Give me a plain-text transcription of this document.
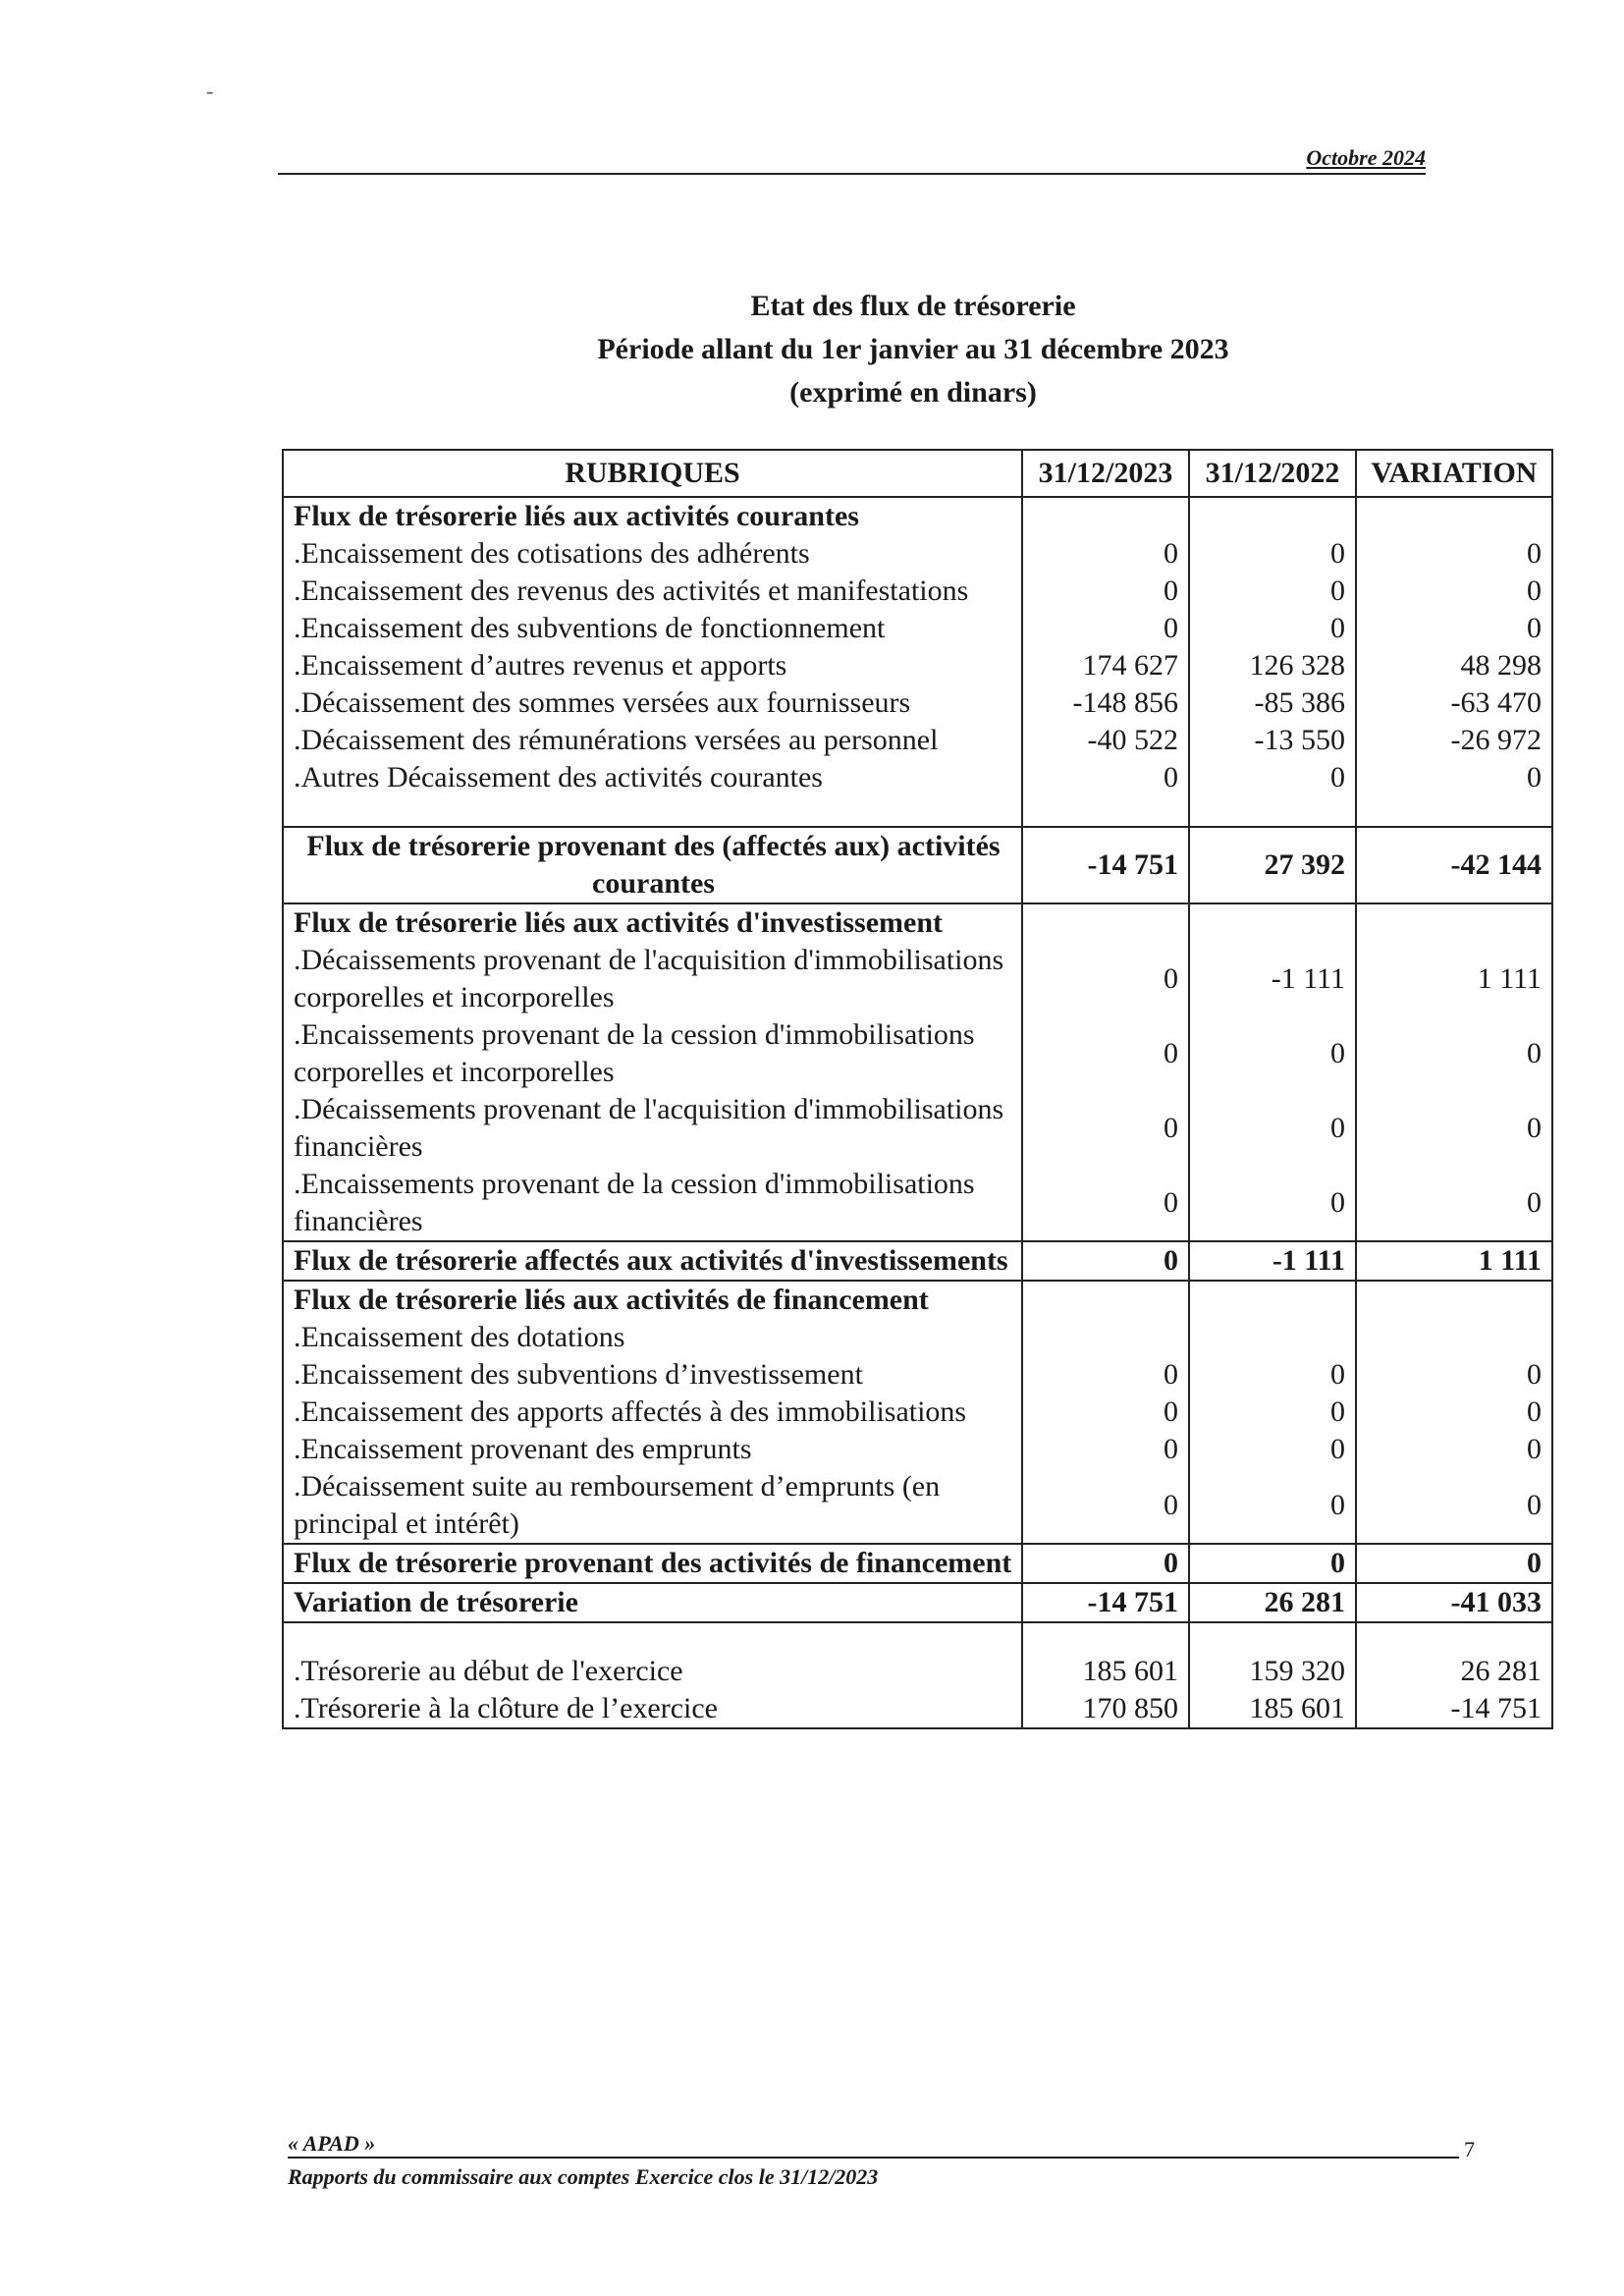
-
Octobre 2024
Etat des flux de trésorerie
Période allant du 1er janvier au 31 décembre 2023
(exprimé en dinars)
RUBRIQUES	31/12/2023	31/12/2022	VARIATION
Flux de trésorerie liés aux activités courantes			
.Encaissement des cotisations des adhérents	0	0	0
.Encaissement des revenus des activités et manifestations	0	0	0
.Encaissement des subventions de fonctionnement	0	0	0
.Encaissement d’autres revenus et apports	174 627	126 328	48 298
.Décaissement des sommes versées aux fournisseurs	-148 856	-85 386	-63 470
.Décaissement des rémunérations versées au personnel	-40 522	-13 550	-26 972
.Autres Décaissement des activités courantes	0	0	0

Flux de trésorerie provenant des (affectés aux) activités courantes	-14 751	27 392	-42 144
Flux de trésorerie liés aux activités d'investissement			
.Décaissements provenant de l'acquisition d'immobilisations corporelles et incorporelles	0	-1 111	1 111
.Encaissements provenant de la cession d'immobilisations corporelles et incorporelles	0	0	0
.Décaissements provenant de l'acquisition d'immobilisations financières	0	0	0
.Encaissements provenant de la cession d'immobilisations financières	0	0	0
Flux de trésorerie affectés aux activités d'investissements	0	-1 111	1 111
Flux de trésorerie liés aux activités de financement			
.Encaissement des dotations			
.Encaissement des subventions d’investissement	0	0	0
.Encaissement des apports affectés à des immobilisations	0	0	0
.Encaissement provenant des emprunts	0	0	0
.Décaissement suite au remboursement d’emprunts (en principal et intérêt)	0	0	0
Flux de trésorerie provenant des activités de financement	0	0	0
Variation de trésorerie	-14 751	26 281	-41 033

.Trésorerie au début de l'exercice	185 601	159 320	26 281
.Trésorerie à la clôture de l’exercice	170 850	185 601	-14 751
« APAD »	7
Rapports du commissaire aux comptes Exercice clos le 31/12/2023
